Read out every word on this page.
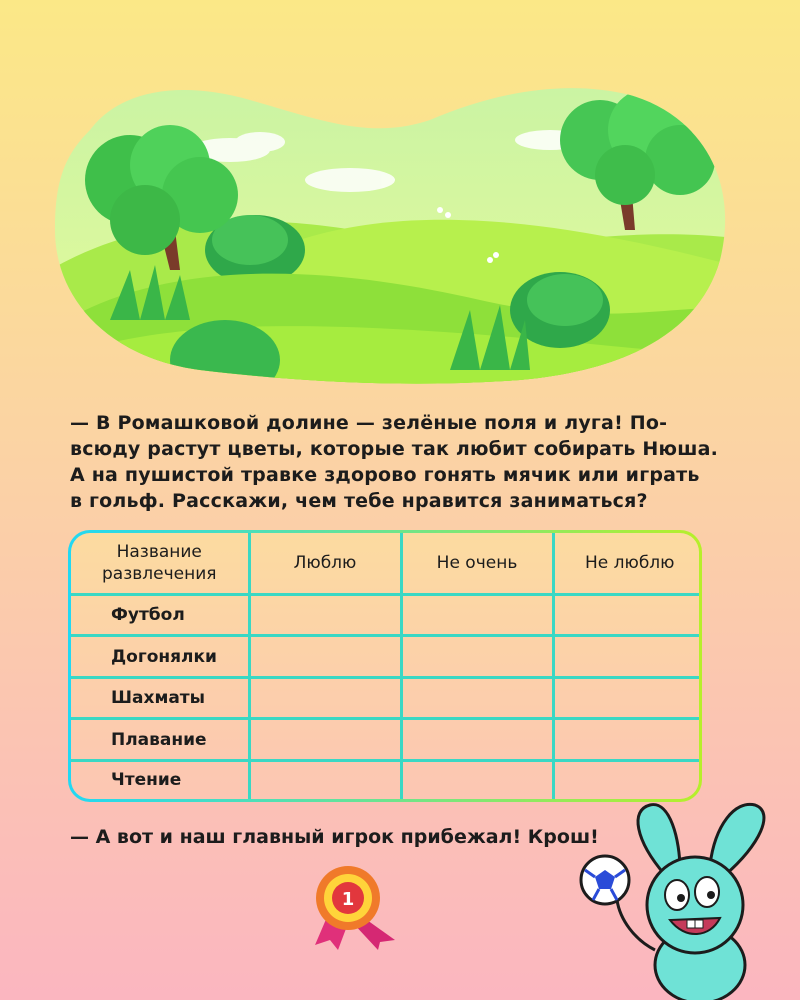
— В Ромашковой долине — зелёные поля и луга! По-
всюду растут цветы, которые так любит собирать Нюша.
А на пушистой травке здорово гонять мячик или играть
в гольф. Расскажи, чем тебе нравится заниматься?

Название развлечения	Люблю	Не очень	Не люблю
Футбол			
Догонялки			
Шахматы			
Плавание			
Чтение			

— А вот и наш главный игрок прибежал! Крош!

1
